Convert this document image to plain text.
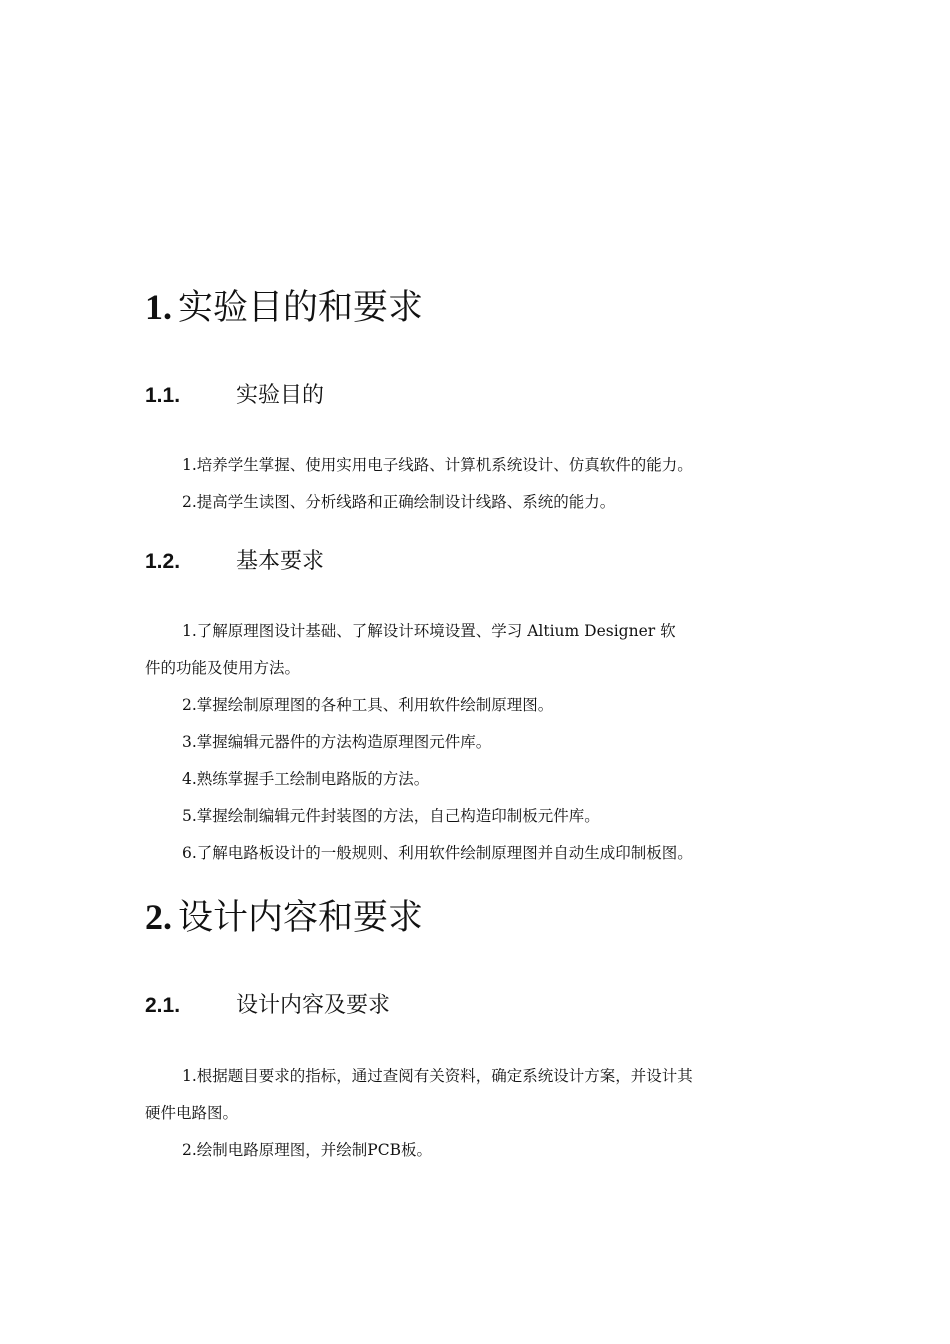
1. 实验目的和要求
1.1.	实验目的
1.培养学生掌握、使用实用电子线路、计算机系统设计、仿真软件的能力。
2.提高学生读图、分析线路和正确绘制设计线路、系统的能力。
1.2.	基本要求
1.了解原理图设计基础、了解设计环境设置、学习 Altium Designer 软
件的功能及使用方法。
2.掌握绘制原理图的各种工具、利用软件绘制原理图。
3.掌握编辑元器件的方法构造原理图元件库。
4.熟练掌握手工绘制电路版的方法。
5.掌握绘制编辑元件封装图的方法，自己构造印制板元件库。
6.了解电路板设计的一般规则、利用软件绘制原理图并自动生成印制板图。
2. 设计内容和要求
2.1.	设计内容及要求
1.根据题目要求的指标，通过查阅有关资料，确定系统设计方案，并设计其
硬件电路图。
2.绘制电路原理图，并绘制PCB板。
